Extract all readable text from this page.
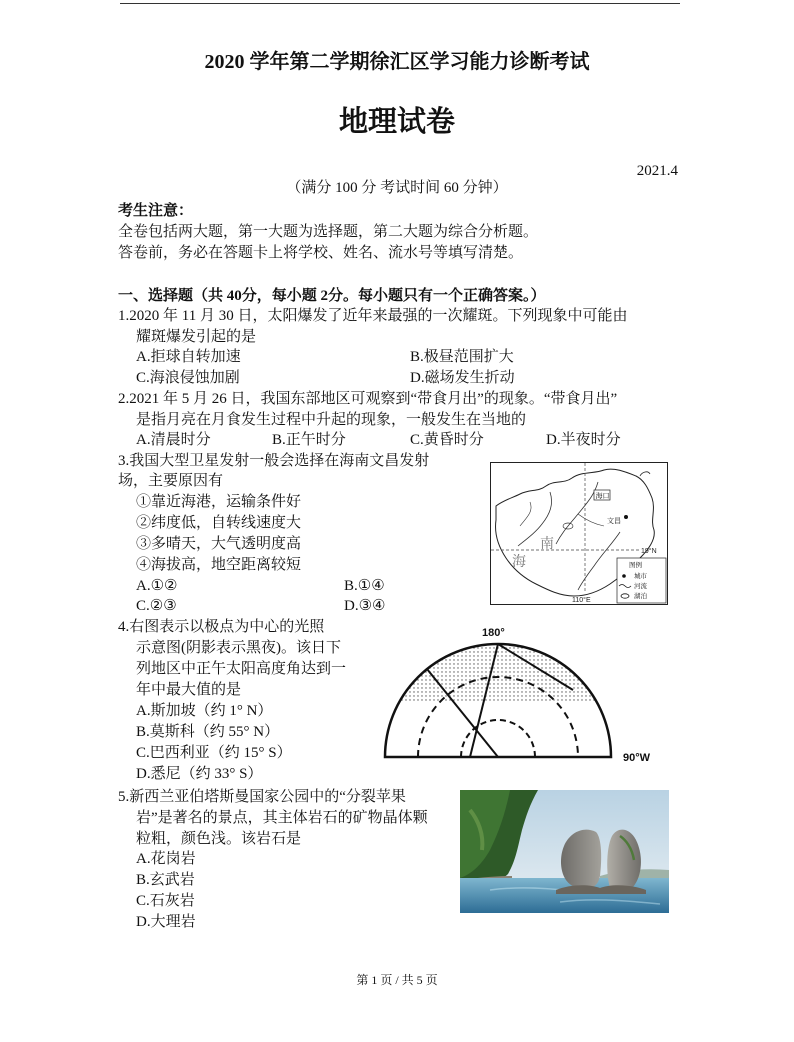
2020 学年第二学期徐汇区学习能力诊断考试
地理试卷
2021.4
（满分 100 分 考试时间 60 分钟）
考生注意：
全卷包括两大题，第一大题为选择题，第二大题为综合分析题。
答卷前，务必在答题卡上将学校、姓名、流水号等填写清楚。
一、选择题（共 40分，每小题 2分。每小题只有一个正确答案。）
1.2020 年 11 月 30 日，太阳爆发了近年来最强的一次耀斑。下列现象中可能由
耀斑爆发引起的是
A.拒球自转加速	B.极昼范围扩大
C.海浪侵蚀加剧	D.磁场发生折动
2.2021 年 5 月 26 日，我国东部地区可观察到“带食月出”的现象。“带食月出”
是指月亮在月食发生过程中升起的现象，一般发生在当地的
A.清晨时分	B.正午时分	C.黄昏时分	D.半夜时分
3.我国大型卫星发射一般会选择在海南文昌发射
场，主要原因有
①靠近海港，运输条件好
②纬度低，自转线速度大
③多晴天，大气透明度高
④海拔高，地空距离较短
A.①②	B.①④
C.②③	D.③④
19°N
110°E
海口
文昌
海
南
图例
城市
河流
湖泊
4.右图表示以极点为中心的光照
示意图(阴影表示黑夜)。该日下
列地区中正午太阳高度角达到一
年中最大值的是
A.斯加坡（约 1° N）
B.莫斯科（约 55° N）
C.巴西利亚（约 15° S）
D.悉尼（约 33° S）
180°
90°W
5.新西兰亚伯塔斯曼国家公园中的“分裂苹果
岩”是著名的景点，其主体岩石的矿物晶体颗
粒粗，颜色浅。该岩石是
A.花岗岩
B.玄武岩
C.石灰岩
D.大理岩
第 1 页 / 共 5 页
